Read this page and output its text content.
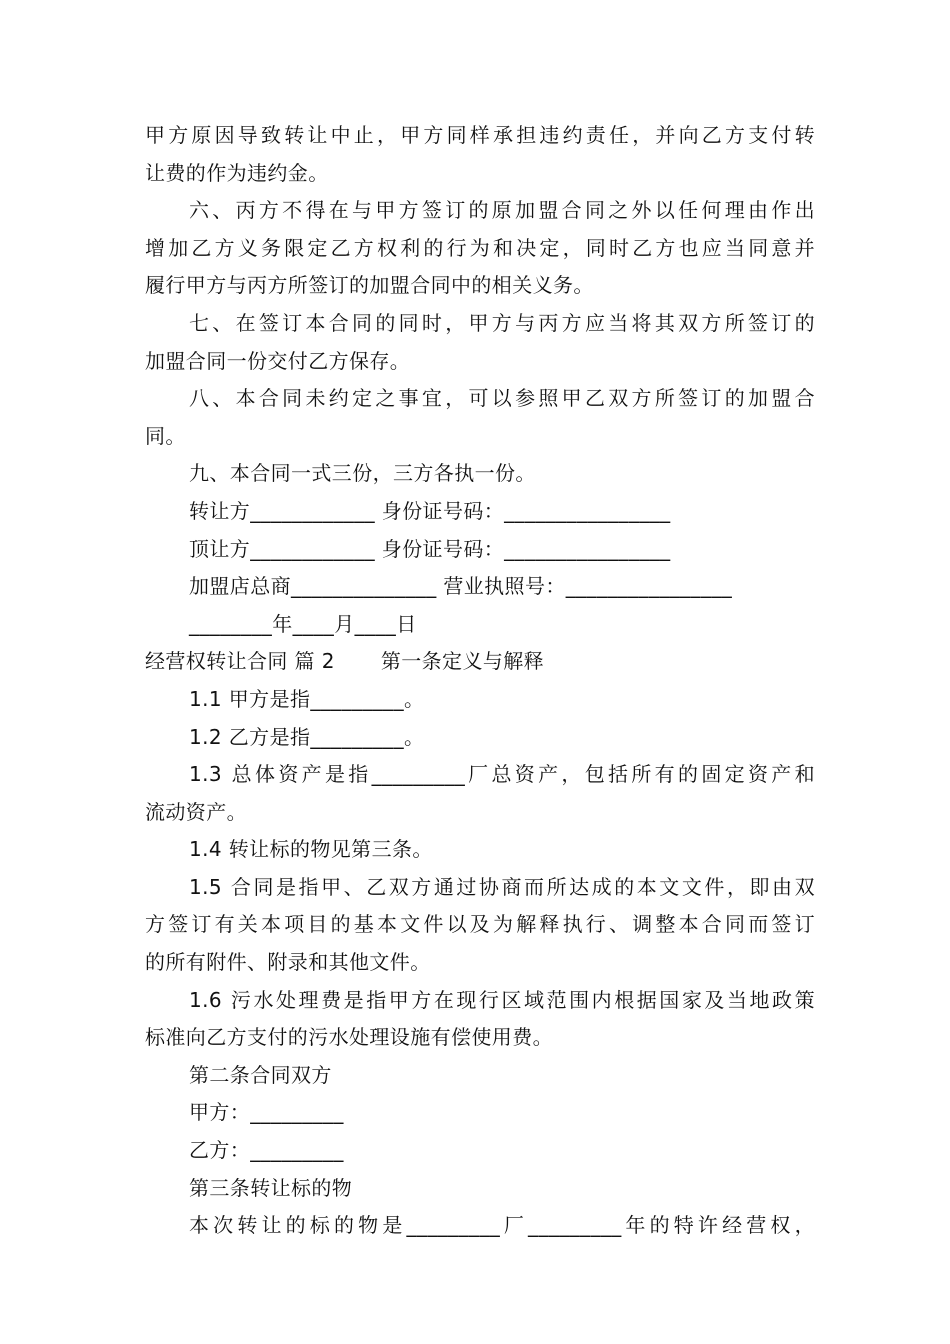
甲方原因导致转让中止，甲方同样承担违约责任，并向乙方支付转
让费的作为违约金。
六、丙方不得在与甲方签订的原加盟合同之外以任何理由作出
增加乙方义务限定乙方权利的行为和决定，同时乙方也应当同意并
履行甲方与丙方所签订的加盟合同中的相关义务。
七、在签订本合同的同时，甲方与丙方应当将其双方所签订的
加盟合同一份交付乙方保存。
八、本合同未约定之事宜，可以参照甲乙双方所签订的加盟合
同。
九、本合同一式三份，三方各执一份。
转让方____________ 身份证号码：________________
顶让方____________ 身份证号码：________________
加盟店总商______________ 营业执照号：________________
________年____月____日
经营权转让合同 篇 2 第一条定义与解释
1.1 甲方是指_________。
1.2 乙方是指_________。
1.3 总体资产是指_________厂总资产，包括所有的固定资产和
流动资产。
1.4 转让标的物见第三条。
1.5 合同是指甲、乙双方通过协商而所达成的本文文件，即由双
方签订有关本项目的基本文件以及为解释执行、调整本合同而签订
的所有附件、附录和其他文件。
1.6 污水处理费是指甲方在现行区域范围内根据国家及当地政策
标准向乙方支付的污水处理设施有偿使用费。
第二条合同双方
甲方：_________
乙方：_________
第三条转让标的物
本次转让的标的物是_________厂_________年的特许经营权，
